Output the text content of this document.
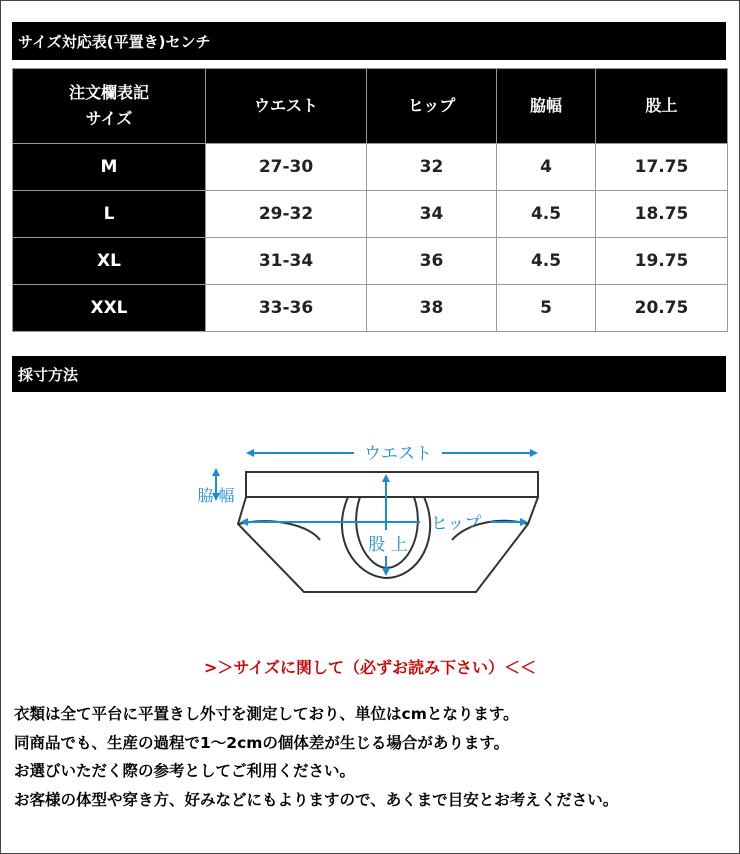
サイズ対応表(平置き)センチ
注文欄表記
サイズ	ウエスト	ヒップ	脇幅	股上
M	27-30	32	4	17.75
L	29-32	34	4.5	18.75
XL	31-34	36	4.5	19.75
XXL	33-36	38	5	20.75
採寸方法
ウエスト
脇 幅
ヒップ
股 上
>＞サイズに関して（必ずお読み下さい）＜＜
衣類は全て平台に平置きし外寸を測定しており、単位はcmとなります。
同商品でも、生産の過程で1～2cmの個体差が生じる場合があります。
お選びいただく際の参考としてご利用ください。
お客様の体型や穿き方、好みなどにもよりますので、あくまで目安とお考えください。
